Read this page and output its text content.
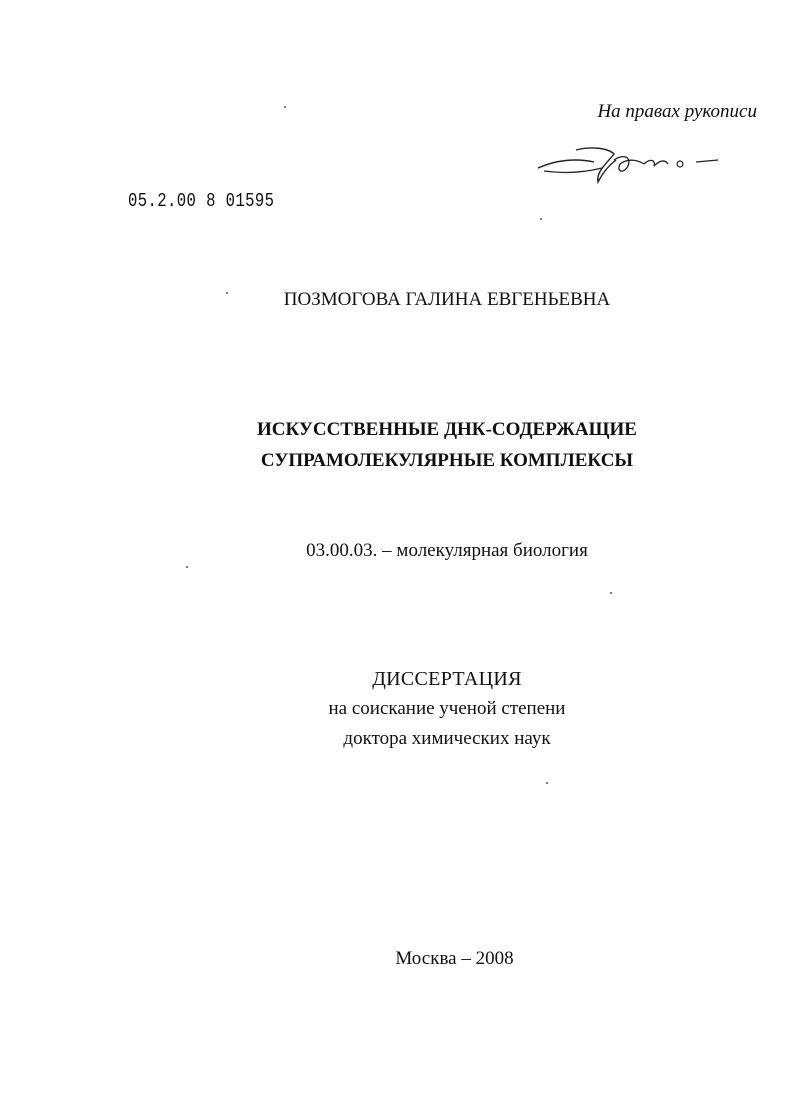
На правах рукописи
05.2.00 8 01595
ПОЗМОГОВА ГАЛИНА ЕВГЕНЬЕВНА
ИСКУССТВЕННЫЕ ДНК-СОДЕРЖАЩИЕ
СУПРАМОЛЕКУЛЯРНЫЕ КОМПЛЕКСЫ
03.00.03. – молекулярная биология
ДИССЕРТАЦИЯ
на соискание ученой степени
доктора химических наук
Москва – 2008
